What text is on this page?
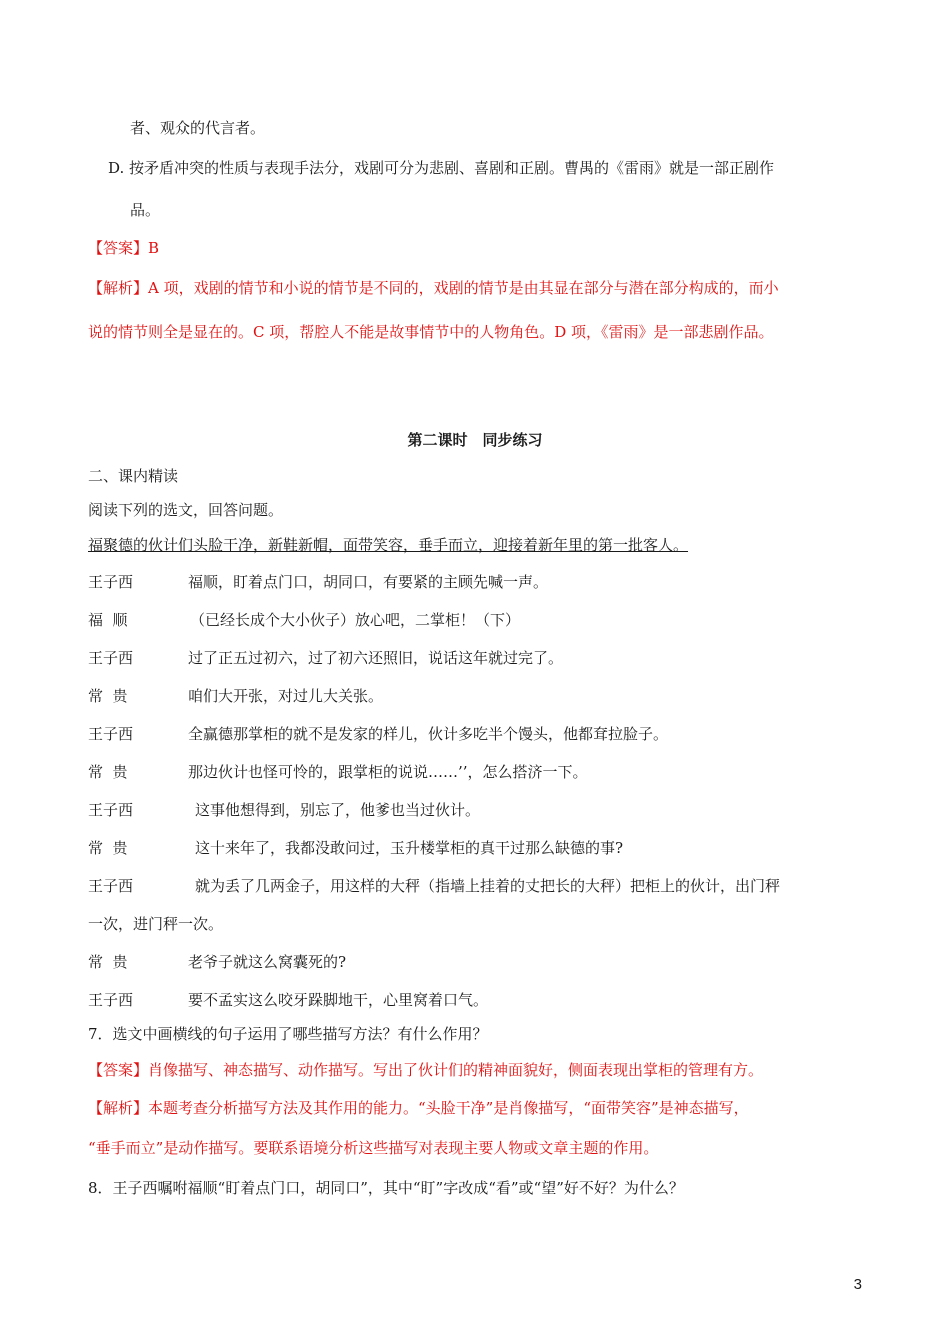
者、观众的代言者。
D. 按矛盾冲突的性质与表现手法分，戏剧可分为悲剧、喜剧和正剧。曹禺的《雷雨》就是一部正剧作
品。
【答案】B
【解析】A 项，戏剧的情节和小说的情节是不同的，戏剧的情节是由其显在部分与潜在部分构成的，而小
说的情节则全是显在的。C 项，帮腔人不能是故事情节中的人物角色。D 项，《雷雨》是一部悲剧作品。
第二课时　同步练习
二、课内精读
阅读下列的选文，回答问题。
福聚德的伙计们头脸干净，新鞋新帽，面带笑容，垂手而立，迎接着新年里的第一批客人。
王子西	福顺，盯着点门口，胡同口，有要紧的主顾先喊一声。
福  顺	（已经长成个大小伙子）放心吧，二掌柜！（下）
王子西	过了正五过初六，过了初六还照旧，说话这年就过完了。
常  贵	咱们大开张，对过儿大关张。
王子西	全赢德那掌柜的就不是发家的样儿，伙计多吃半个馒头，他都耷拉脸子。
常  贵	那边伙计也怪可怜的，跟掌柜的说说……’’，怎么搭济一下。
王子西	这事他想得到，别忘了，他爹也当过伙计。
常  贵	这十来年了，我都没敢问过，玉升楼掌柜的真干过那么缺德的事?
王子西	就为丢了几两金子，用这样的大秤（指墙上挂着的丈把长的大秤）把柜上的伙计，出门秤
一次，进门秤一次。
常  贵	老爷子就这么窝囊死的?
王子西	要不孟实这么咬牙跺脚地干，心里窝着口气。
7．选文中画横线的句子运用了哪些描写方法？有什么作用？
【答案】肖像描写、神态描写、动作描写。写出了伙计们的精神面貌好，侧面表现出掌柜的管理有方。
【解析】本题考查分析描写方法及其作用的能力。“头脸干净”是肖像描写，“面带笑容”是神态描写，
“垂手而立”是动作描写。要联系语境分析这些描写对表现主要人物或文章主题的作用。
8．王子西嘱咐福顺“盯着点门口，胡同口”，其中“盯”字改成“看”或“望”好不好？为什么？
3
